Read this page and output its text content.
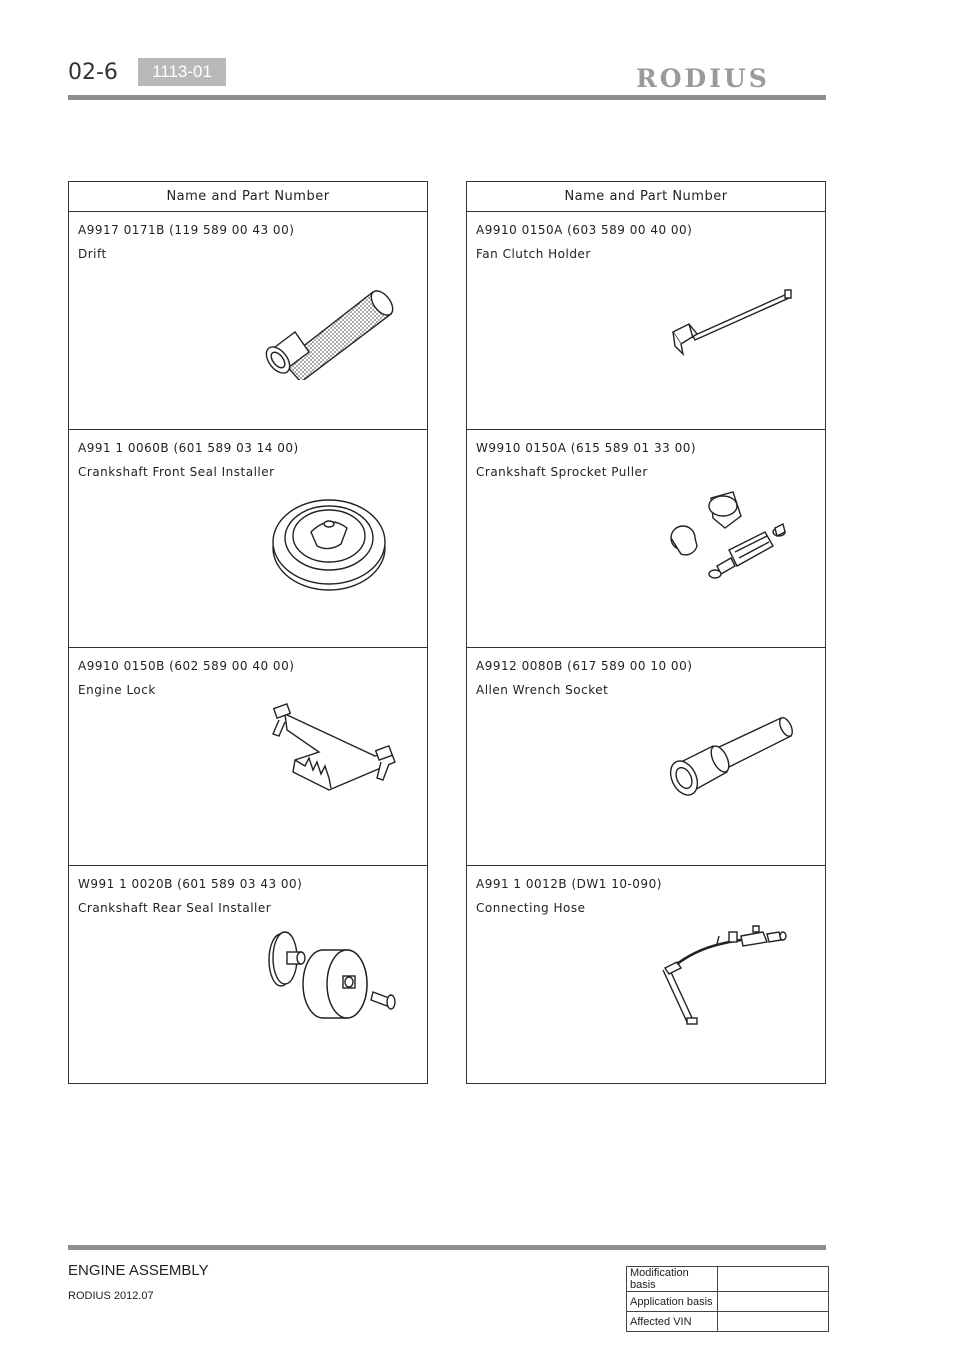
02-6	1113-01	RODIUS
Name and Part Number
A9917 0171B (119 589 00 43 00)
Drift
A991 1 0060B (601 589 03 14 00)
Crankshaft Front Seal Installer
A9910 0150B (602 589 00 40 00)
Engine Lock
W991 1 0020B (601 589 03 43 00)
Crankshaft Rear Seal Installer
Name and Part Number
A9910 0150A (603 589 00 40 00)
Fan Clutch Holder
W9910 0150A (615 589 01 33 00)
Crankshaft Sprocket Puller
A9912 0080B (617 589 00 10 00)
Allen Wrench Socket
A991 1 0012B (DW1 10-090)
Connecting Hose
ENGINE ASSEMBLY
RODIUS 2012.07
Modification basis	
Application basis	
Affected VIN	
